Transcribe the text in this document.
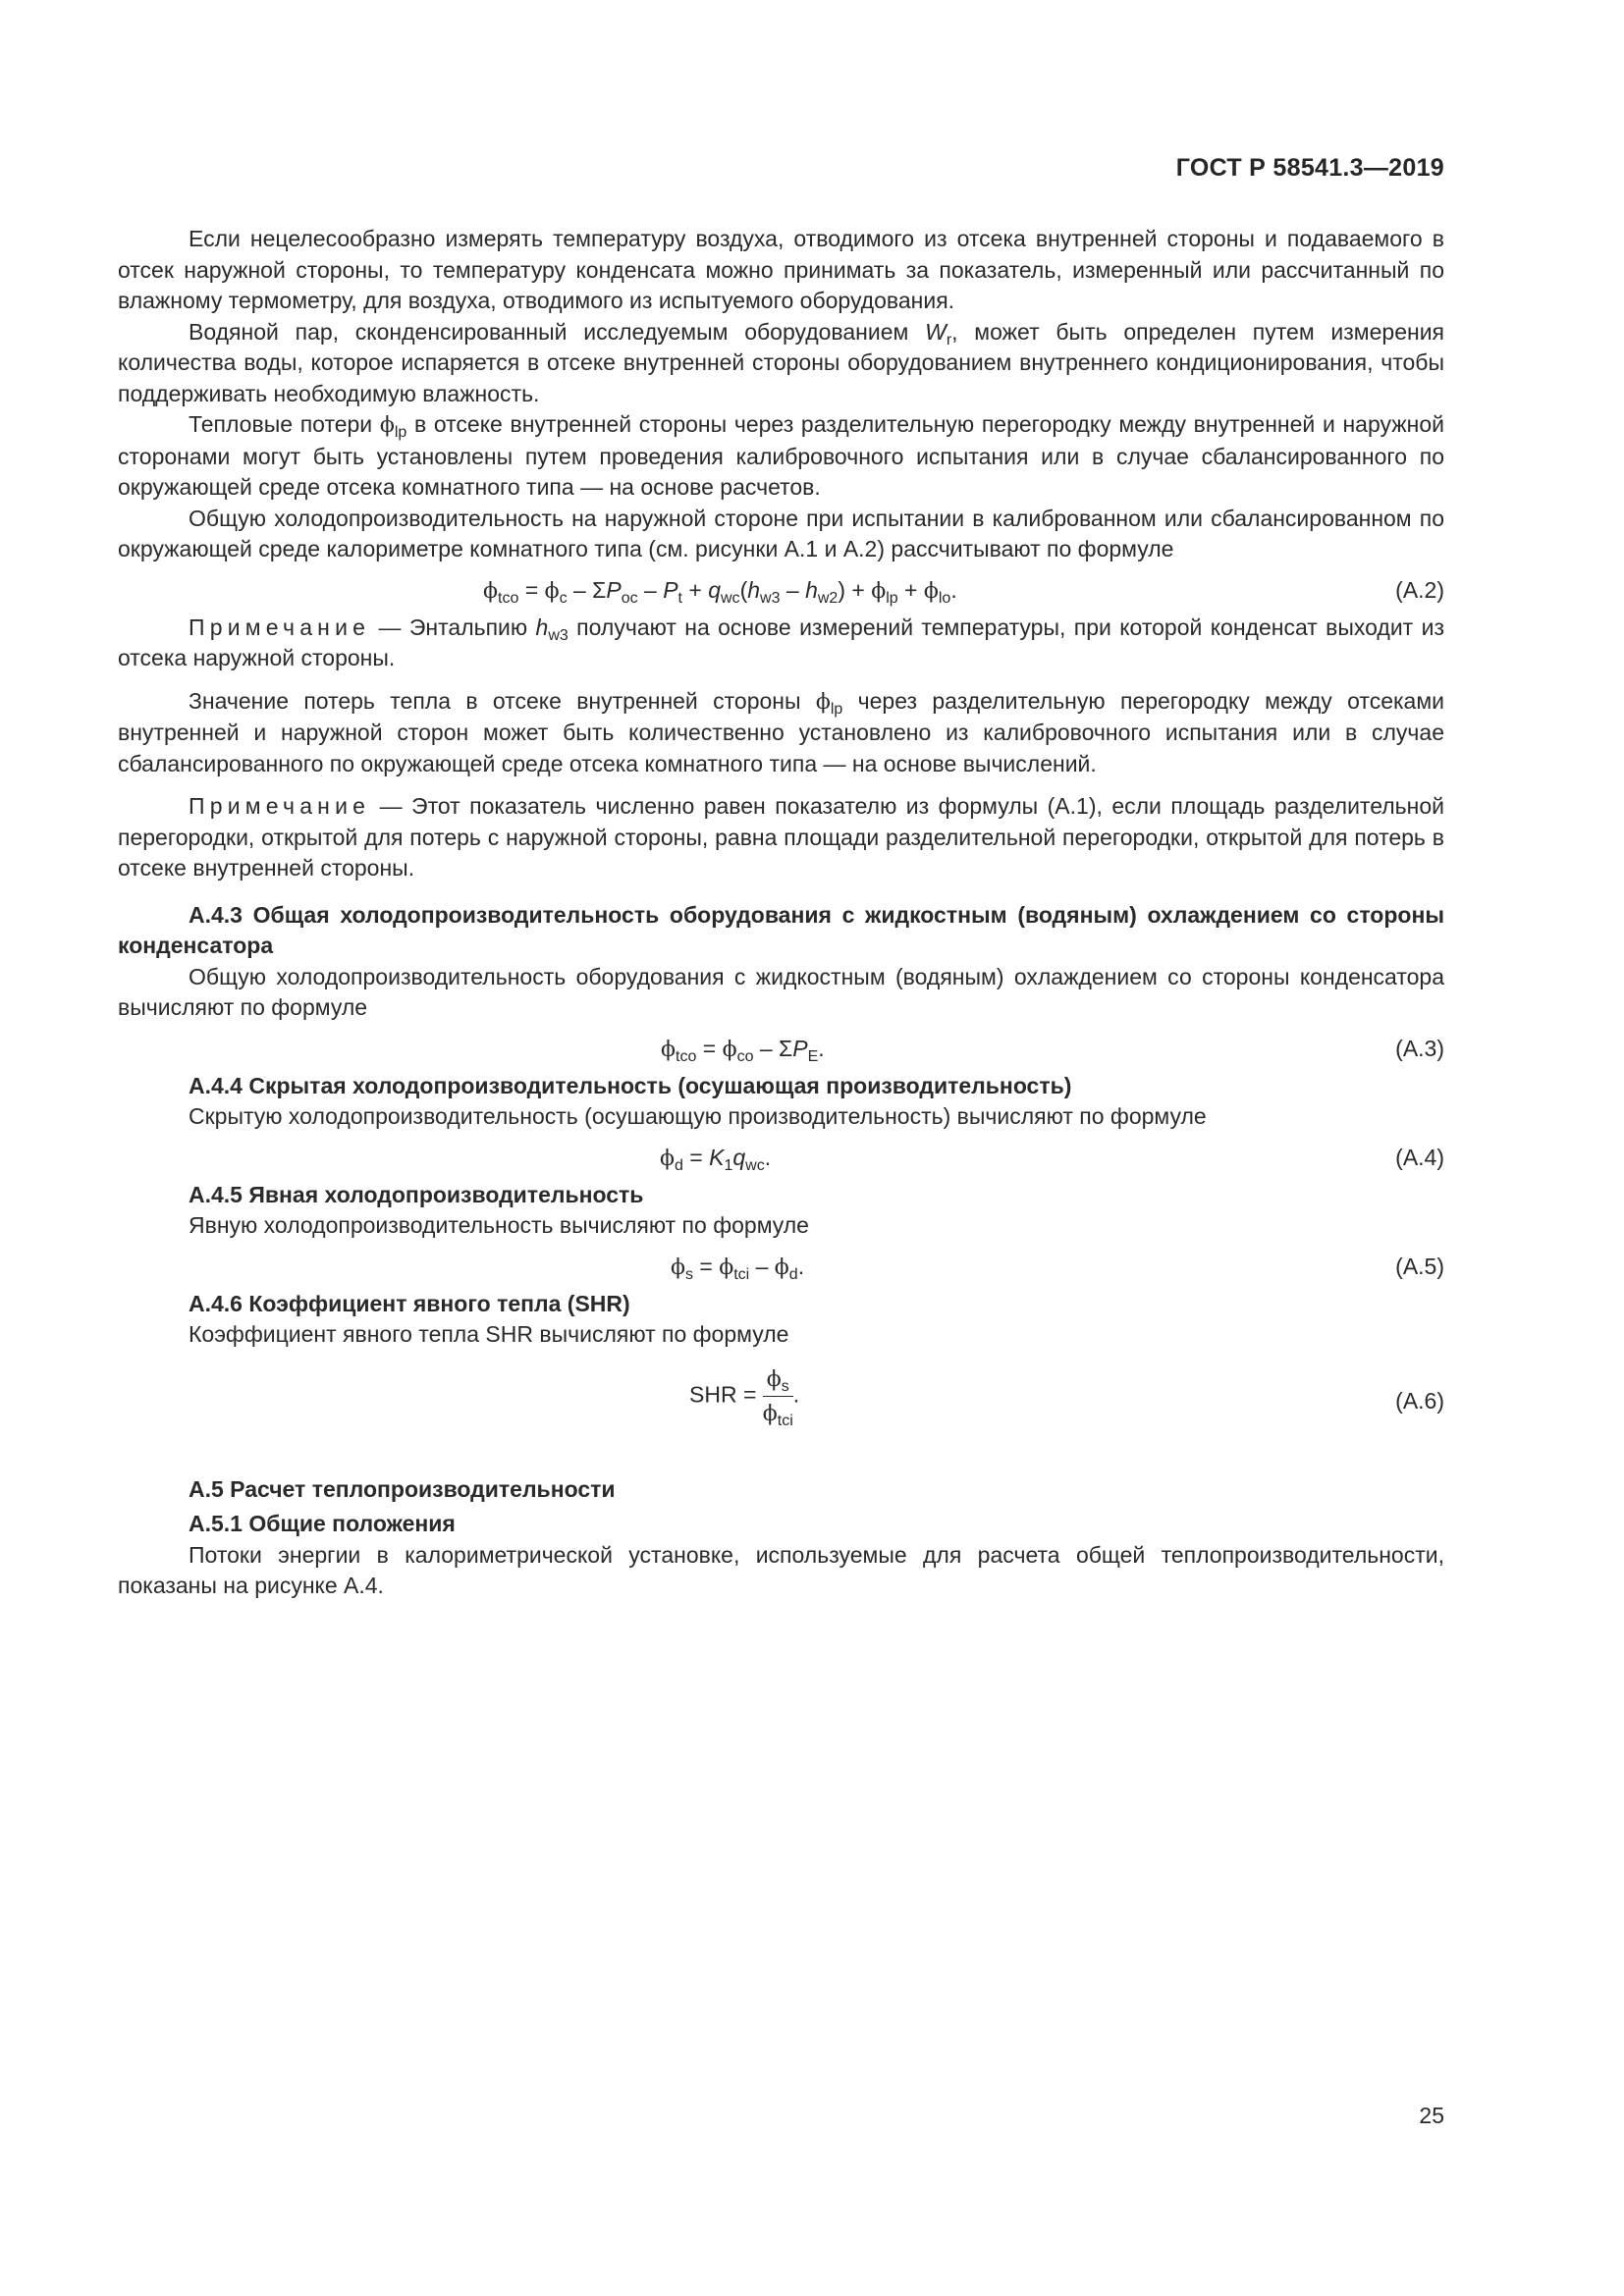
ГОСТ Р 58541.3—2019

Если нецелесообразно измерять температуру воздуха, отводимого из отсека внутренней стороны и подаваемого в отсек наружной стороны, то температуру конденсата можно принимать за показатель, измеренный или рассчитанный по влажному термометру, для воздуха, отводимого из испытуемого оборудования.

Водяной пар, сконденсированный исследуемым оборудованием $W_r$, может быть определен путем измерения количества воды, которое испаряется в отсеке внутренней стороны оборудованием внутреннего кондиционирования, чтобы поддерживать необходимую влажность.

Тепловые потери $\phi_{lp}$ в отсеке внутренней стороны через разделительную перегородку между внутренней и наружной сторонами могут быть установлены путем проведения калибровочного испытания или в случае сбалансированного по окружающей среде отсека комнатного типа — на основе расчетов.

Общую холодопроизводительность на наружной стороне при испытании в калиброванном или сбалансированном по окружающей среде калориметре комнатного типа (см. рисунки А.1 и А.2) рассчитывают по формуле

$\phi_{tco} = \phi_c - \Sigma P_{oc} - P_t + q_{wc}(h_{w3} - h_{w2}) + \phi_{lp} + \phi_{lo}$.	(А.2)

Примечание — Энтальпию $h_{w3}$ получают на основе измерений температуры, при которой конденсат выходит из отсека наружной стороны.

Значение потерь тепла в отсеке внутренней стороны $\phi_{lp}$ через разделительную перегородку между отсеками внутренней и наружной сторон может быть количественно установлено из калибровочного испытания или в случае сбалансированного по окружающей среде отсека комнатного типа — на основе вычислений.

Примечание — Этот показатель численно равен показателю из формулы (А.1), если площадь разделительной перегородки, открытой для потерь с наружной стороны, равна площади разделительной перегородки, открытой для потерь в отсеке внутренней стороны.

А.4.3 Общая холодопроизводительность оборудования с жидкостным (водяным) охлаждением со стороны конденсатора

Общую холодопроизводительность оборудования с жидкостным (водяным) охлаждением со стороны конденсатора вычисляют по формуле

$\phi_{tco} = \phi_{co} - \Sigma P_E$.	(А.3)

А.4.4 Скрытая холодопроизводительность (осушающая производительность)

Скрытую холодопроизводительность (осушающую производительность) вычисляют по формуле

$\phi_d = K_1q_{wc}$.	(А.4)

А.4.5 Явная холодопроизводительность

Явную холодопроизводительность вычисляют по формуле

$\phi_s = \phi_{tci} - \phi_d$.	(А.5)

А.4.6 Коэффициент явного тепла (SHR)

Коэффициент явного тепла SHR вычисляют по формуле

SHR = $\frac{\phi_s}{\phi_{tci}}$ .	(А.6)

А.5 Расчет теплопроизводительности

А.5.1 Общие положения

Потоки энергии в калориметрической установке, используемые для расчета общей теплопроизводительности, показаны на рисунке А.4.

25
